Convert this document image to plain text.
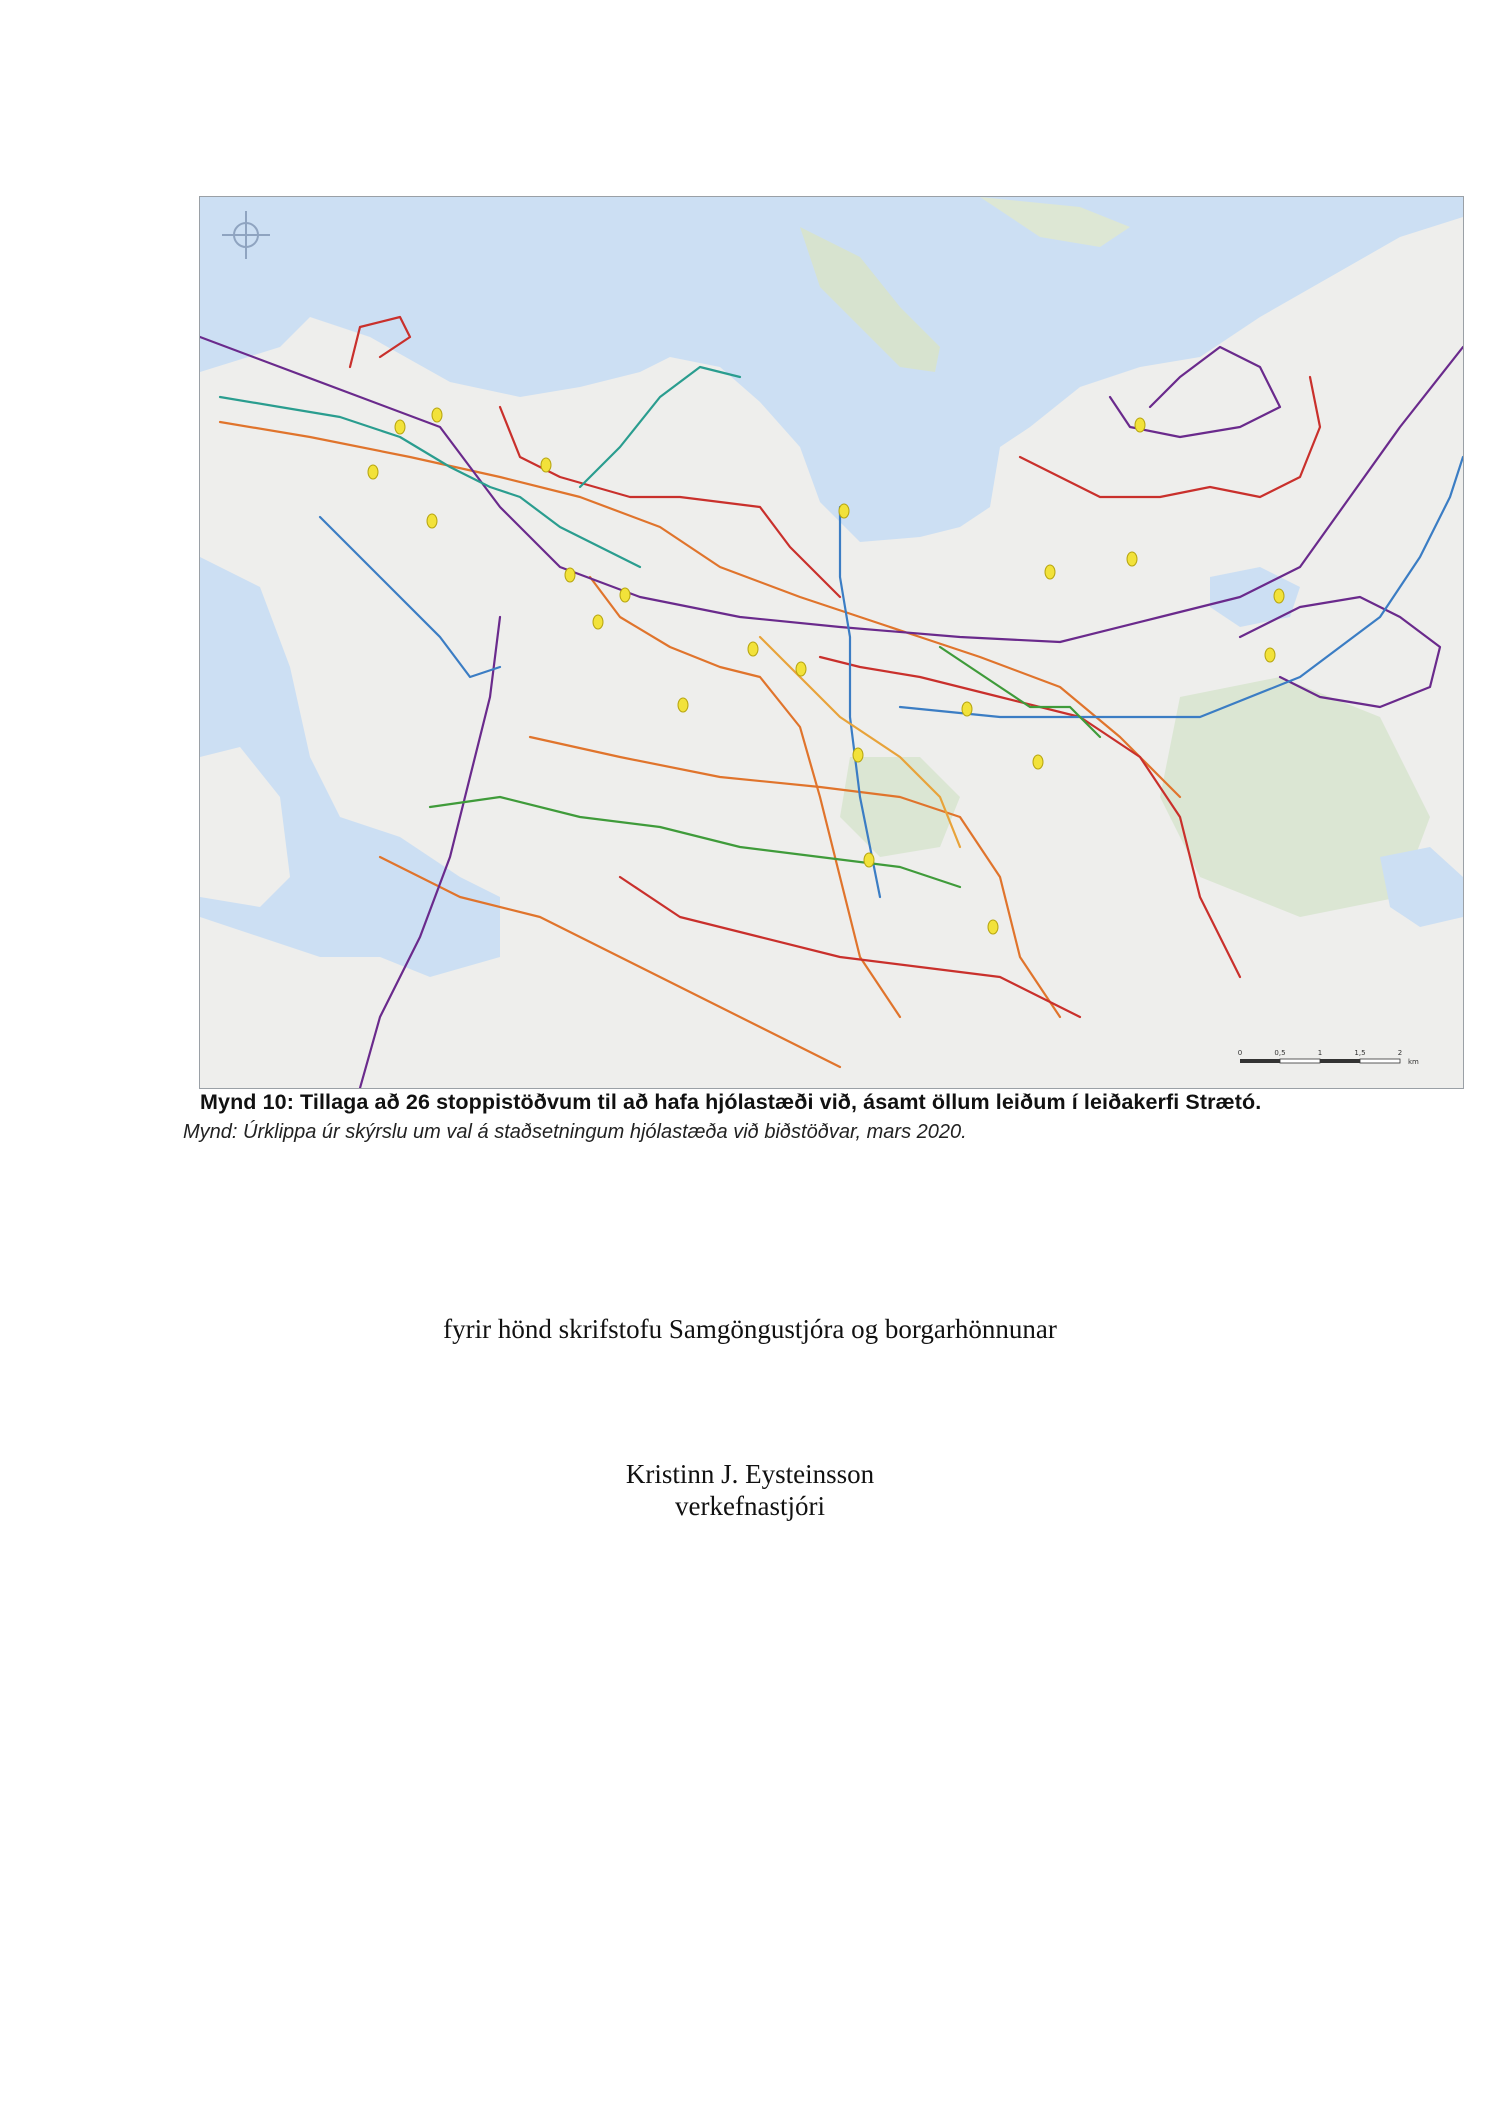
0	0,5	1	1,5	2
km
Mynd 10: Tillaga að 26 stoppistöðvum til að hafa hjólastæði við, ásamt öllum leiðum í leiðakerfi Strætó.
Mynd: Úrklippa úr skýrslu um val á staðsetningum hjólastæða við biðstöðvar, mars 2020.
fyrir hönd skrifstofu Samgöngustjóra og borgarhönnunar
Kristinn J. Eysteinsson
verkefnastjóri
